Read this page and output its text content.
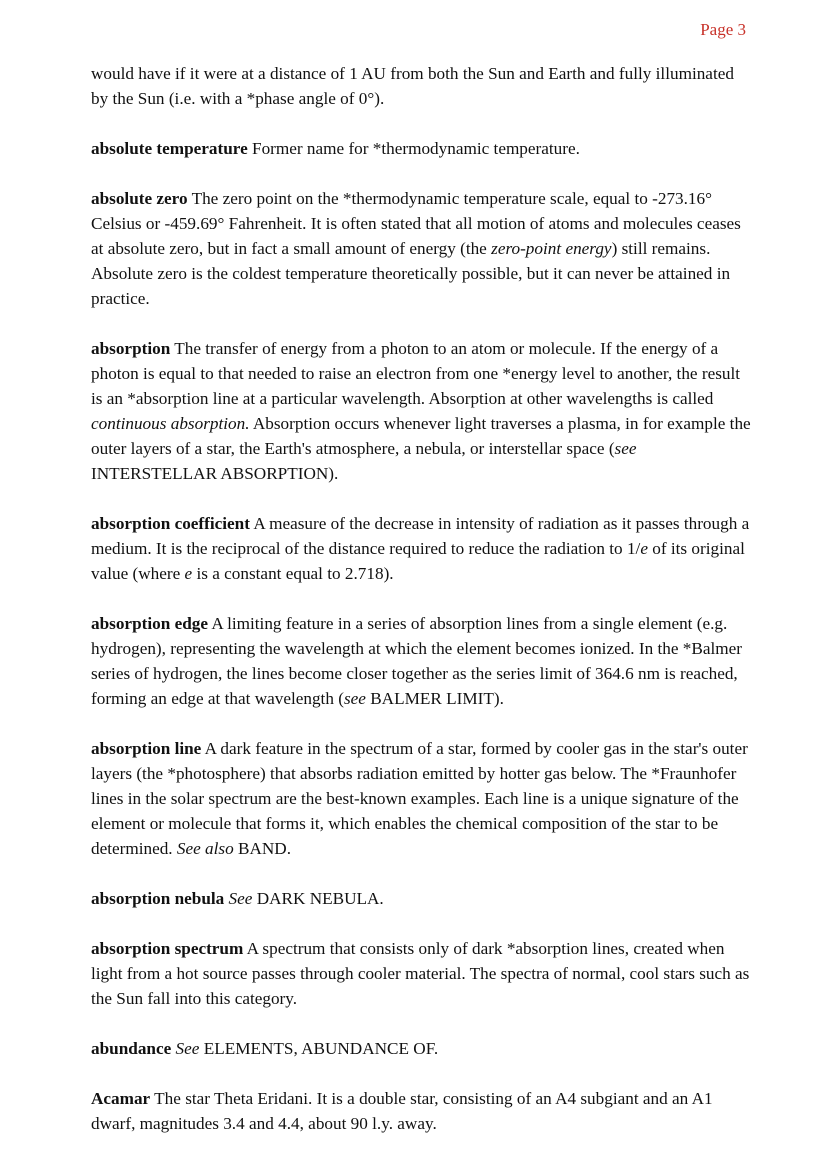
Page 3

would have if it were at a distance of 1 AU from both the Sun and Earth and fully illuminated by the Sun (i.e. with a *phase angle of 0°).

absolute temperature Former name for *thermodynamic temperature.

absolute zero The zero point on the *thermodynamic temperature scale, equal to -273.16° Celsius or -459.69° Fahrenheit. It is often stated that all motion of atoms and molecules ceases at absolute zero, but in fact a small amount of energy (the zero-point energy) still remains. Absolute zero is the coldest temperature theoretically possible, but it can never be attained in practice.

absorption The transfer of energy from a photon to an atom or molecule. If the energy of a photon is equal to that needed to raise an electron from one *energy level to another, the result is an *absorption line at a particular wavelength. Absorption at other wavelengths is called continuous absorption. Absorption occurs whenever light traverses a plasma, in for example the outer layers of a star, the Earth's atmosphere, a nebula, or interstellar space (see INTERSTELLAR ABSORPTION).

absorption coefficient A measure of the decrease in intensity of radiation as it passes through a medium. It is the reciprocal of the distance required to reduce the radiation to 1/e of its original value (where e is a constant equal to 2.718).

absorption edge A limiting feature in a series of absorption lines from a single element (e.g. hydrogen), representing the wavelength at which the element becomes ionized. In the *Balmer series of hydrogen, the lines become closer together as the series limit of 364.6 nm is reached, forming an edge at that wavelength (see BALMER LIMIT).

absorption line A dark feature in the spectrum of a star, formed by cooler gas in the star's outer layers (the *photosphere) that absorbs radiation emitted by hotter gas below. The *Fraunhofer lines in the solar spectrum are the best-known examples. Each line is a unique signature of the element or molecule that forms it, which enables the chemical composition of the star to be determined. See also BAND.

absorption nebula See DARK NEBULA.

absorption spectrum A spectrum that consists only of dark *absorption lines, created when light from a hot source passes through cooler material. The spectra of normal, cool stars such as the Sun fall into this category.

abundance See ELEMENTS, ABUNDANCE OF.

Acamar The star Theta Eridani. It is a double star, consisting of an A4 subgiant and an A1 dwarf, magnitudes 3.4 and 4.4, about 90 l.y. away.
